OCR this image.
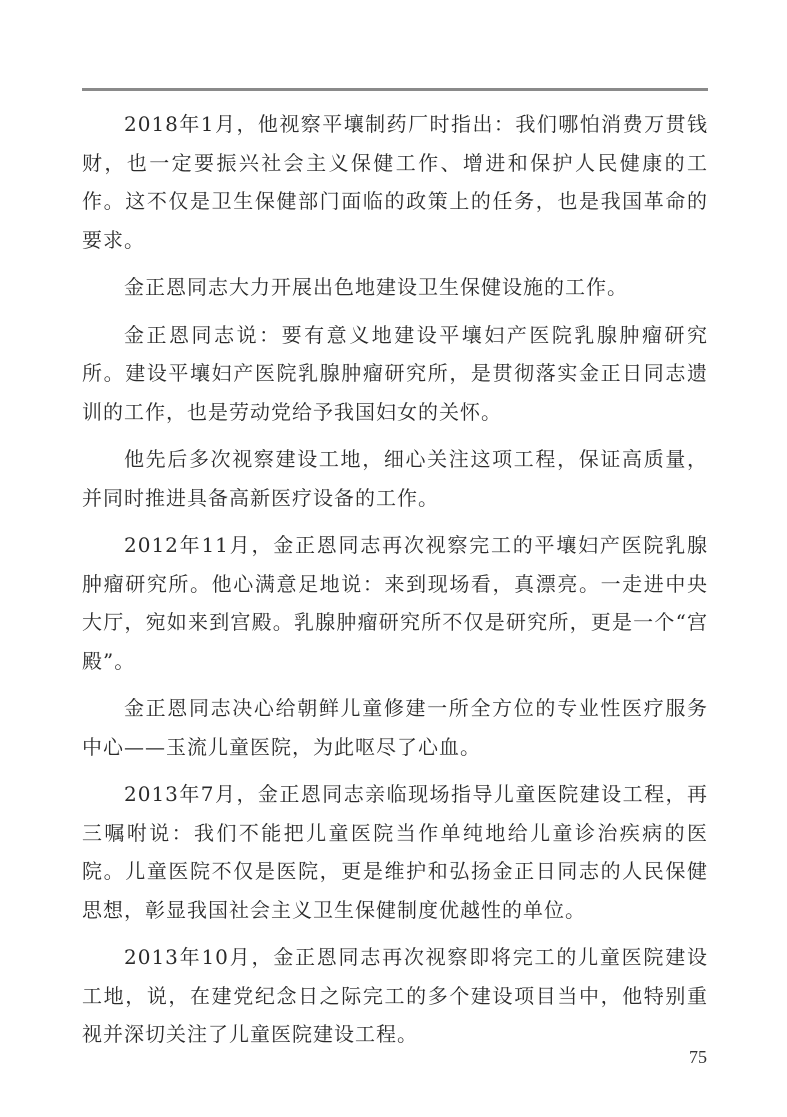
2018年1月，他视察平壤制药厂时指出：我们哪怕消费万贯钱财，也一定要振兴社会主义保健工作、增进和保护人民健康的工作。这不仅是卫生保健部门面临的政策上的任务，也是我国革命的要求。

金正恩同志大力开展出色地建设卫生保健设施的工作。

金正恩同志说：要有意义地建设平壤妇产医院乳腺肿瘤研究所。建设平壤妇产医院乳腺肿瘤研究所，是贯彻落实金正日同志遗训的工作，也是劳动党给予我国妇女的关怀。

他先后多次视察建设工地，细心关注这项工程，保证高质量，并同时推进具备高新医疗设备的工作。

2012年11月，金正恩同志再次视察完工的平壤妇产医院乳腺肿瘤研究所。他心满意足地说：来到现场看，真漂亮。一走进中央大厅，宛如来到宫殿。乳腺肿瘤研究所不仅是研究所，更是一个“宫殿”。

金正恩同志决心给朝鲜儿童修建一所全方位的专业性医疗服务中心——玉流儿童医院，为此呕尽了心血。

2013年7月，金正恩同志亲临现场指导儿童医院建设工程，再三嘱咐说：我们不能把儿童医院当作单纯地给儿童诊治疾病的医院。儿童医院不仅是医院，更是维护和弘扬金正日同志的人民保健思想，彰显我国社会主义卫生保健制度优越性的单位。

2013年10月，金正恩同志再次视察即将完工的儿童医院建设工地，说，在建党纪念日之际完工的多个建设项目当中，他特别重视并深切关注了儿童医院建设工程。

75
